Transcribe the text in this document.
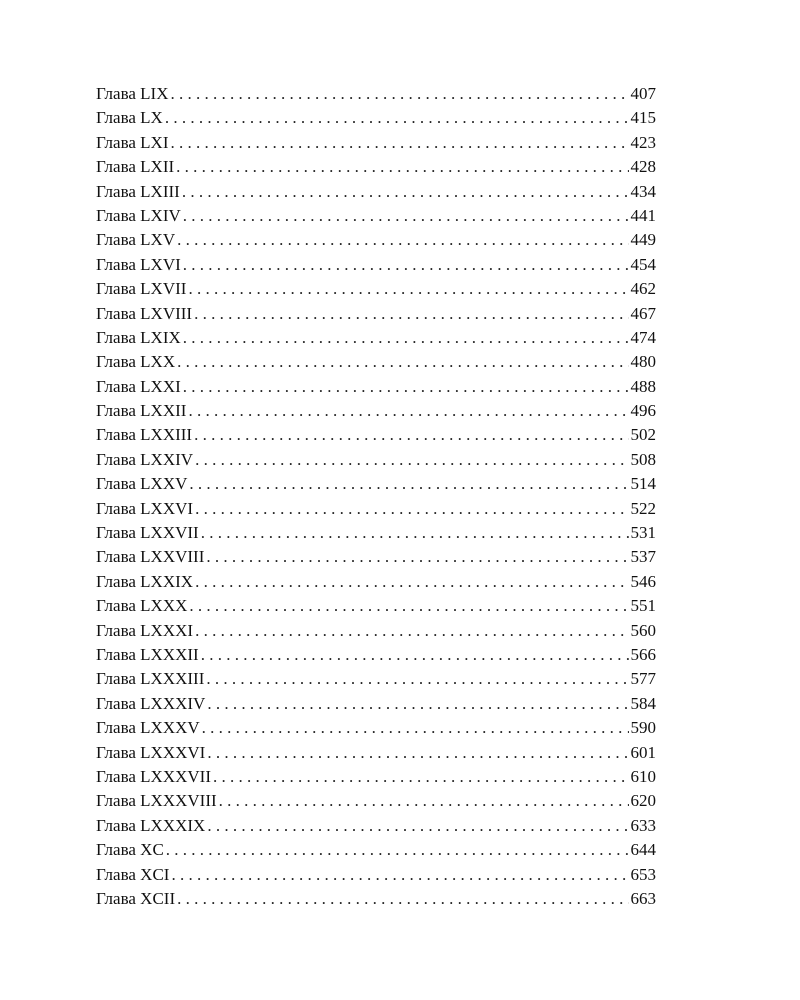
Глава LIX . . .	407
Глава LX . . .	415
Глава LXI . . .	423
Глава LXII . . .	428
Глава LXIII . . .	434
Глава LXIV . . .	441
Глава LXV . . .	449
Глава LXVI . . .	454
Глава LXVII . . .	462
Глава LXVIII . . .	467
Глава LXIX . . .	474
Глава LXX . . .	480
Глава LXXI . . .	488
Глава LXXII . . .	496
Глава LXXIII . . .	502
Глава LXXIV . . .	508
Глава LXXV . . .	514
Глава LXXVI . . .	522
Глава LXXVII . . .	531
Глава LXXVIII . . .	537
Глава LXXIX . . .	546
Глава LXXX . . .	551
Глава LXXXI . . .	560
Глава LXXXII . . .	566
Глава LXXXIII . . .	577
Глава LXXXIV . . .	584
Глава LXXXV . . .	590
Глава LXXXVI . . .	601
Глава LXXXVII . . .	610
Глава LXXXVIII . . .	620
Глава LXXXIX . . .	633
Глава XC . . .	644
Глава XCI . . .	653
Глава XCII . . .	663
